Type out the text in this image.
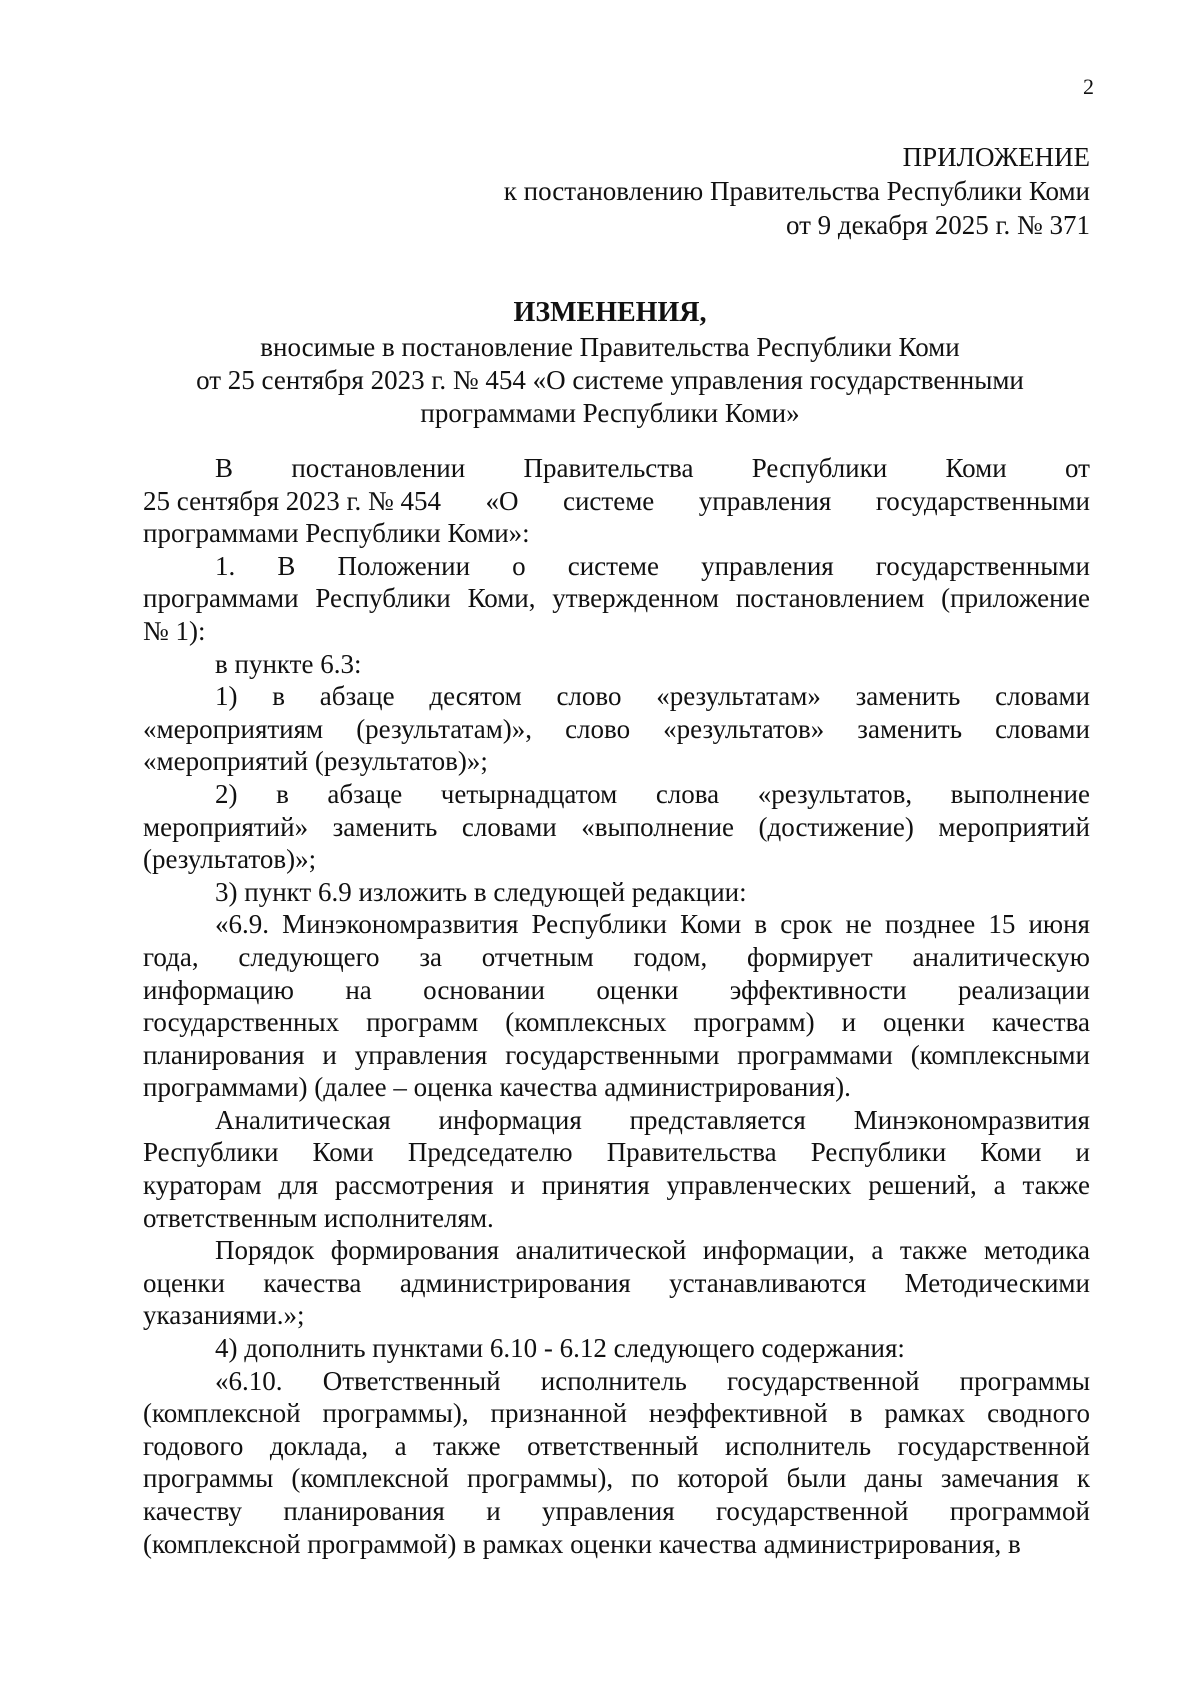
2
ПРИЛОЖЕНИЕ
к постановлению Правительства Республики Коми
от 9 декабря 2025 г. № 371
ИЗМЕНЕНИЯ,
вносимые в постановление Правительства Республики Коми
от 25 сентября 2023 г. № 454 «О системе управления государственными
программами Республики Коми»
В постановлении Правительства Республики Коми от
25 сентября 2023 г. № 454 «О системе управления государственными
программами Республики Коми»:
1. В Положении о системе управления государственными
программами Республики Коми, утвержденном постановлением (приложение
№ 1):
в пункте 6.3:
1) в абзаце десятом слово «результатам» заменить словами
«мероприятиям (результатам)», слово «результатов» заменить словами
«мероприятий (результатов)»;
2) в абзаце четырнадцатом слова «результатов, выполнение
мероприятий» заменить словами «выполнение (достижение) мероприятий
(результатов)»;
3) пункт 6.9 изложить в следующей редакции:
«6.9. Минэкономразвития Республики Коми в срок не позднее 15 июня
года, следующего за отчетным годом, формирует аналитическую
информацию на основании оценки эффективности реализации
государственных программ (комплексных программ) и оценки качества
планирования и управления государственными программами (комплексными
программами) (далее – оценка качества администрирования).
Аналитическая информация представляется Минэкономразвития
Республики Коми Председателю Правительства Республики Коми и
кураторам для рассмотрения и принятия управленческих решений, а также
ответственным исполнителям.
Порядок формирования аналитической информации, а также методика
оценки качества администрирования устанавливаются Методическими
указаниями.»;
4) дополнить пунктами 6.10 - 6.12 следующего содержания:
«6.10. Ответственный исполнитель государственной программы
(комплексной программы), признанной неэффективной в рамках сводного
годового доклада, а также ответственный исполнитель государственной
программы (комплексной программы), по которой были даны замечания к
качеству планирования и управления государственной программой
(комплексной программой) в рамках оценки качества администрирования, в
